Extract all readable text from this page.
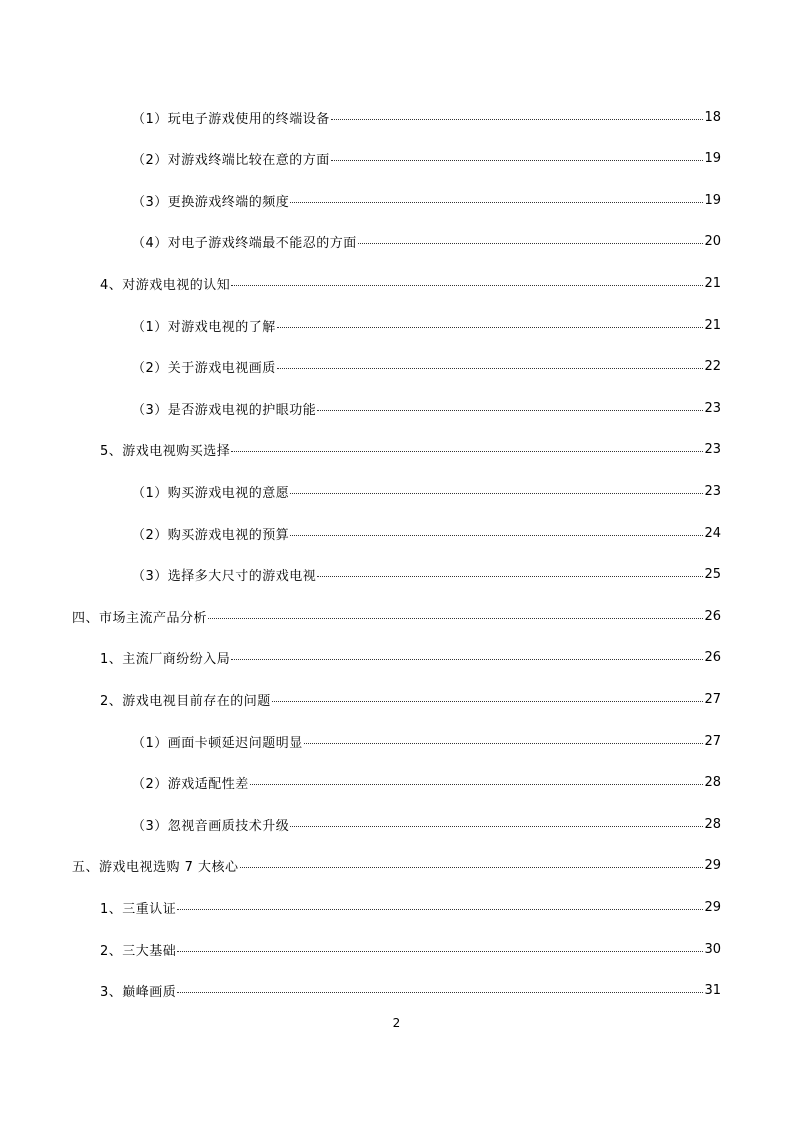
（1）玩电子游戏使用的终端设备	18
（2）对游戏终端比较在意的方面	19
（3）更换游戏终端的频度	19
（4）对电子游戏终端最不能忍的方面	20
4、对游戏电视的认知	21
（1）对游戏电视的了解	21
（2）关于游戏电视画质	22
（3）是否游戏电视的护眼功能	23
5、游戏电视购买选择	23
（1）购买游戏电视的意愿	23
（2）购买游戏电视的预算	24
（3）选择多大尺寸的游戏电视	25
四、市场主流产品分析	26
1、主流厂商纷纷入局	26
2、游戏电视目前存在的问题	27
（1）画面卡顿延迟问题明显	27
（2）游戏适配性差	28
（3）忽视音画质技术升级	28
五、游戏电视选购 7 大核心	29
1、三重认证	29
2、三大基础	30
3、巅峰画质	31
2
